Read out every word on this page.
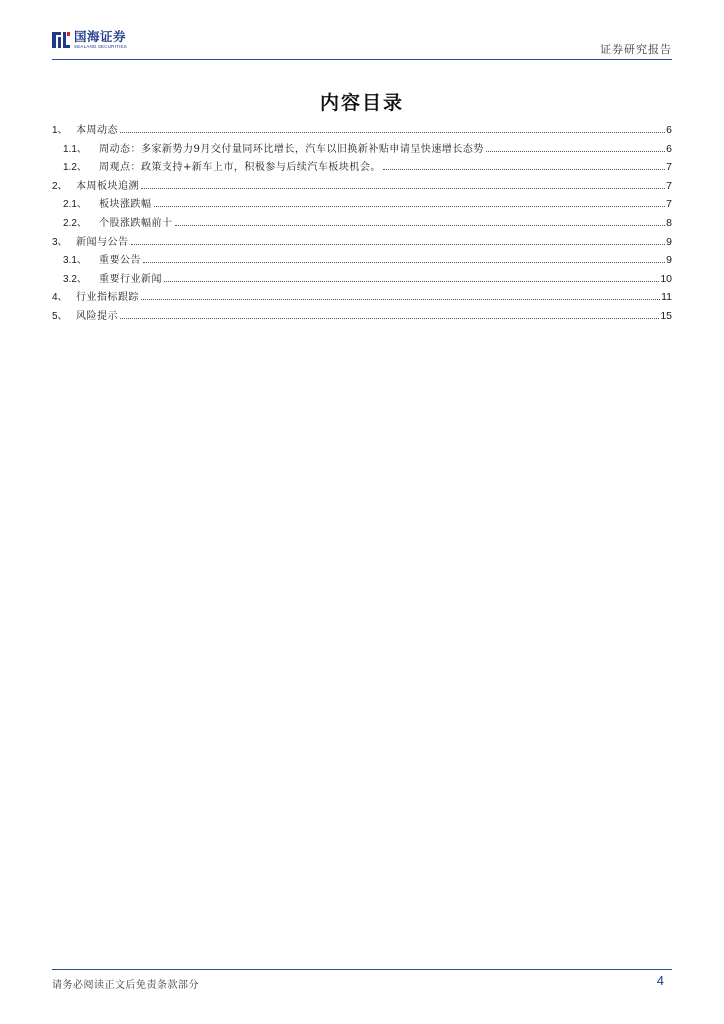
国海证券
SEALAND SECURITIES	证券研究报告
内容目录
1、 本周动态	6
1.1、	周动态：多家新势力9月交付量同环比增长，汽车以旧换新补贴申请呈快速增长态势	6
1.2、	周观点：政策支持+新车上市，积极参与后续汽车板块机会。	7
2、 本周板块追溯	7
2.1、	板块涨跌幅	7
2.2、	个股涨跌幅前十	8
3、 新闻与公告	9
3.1、	重要公告	9
3.2、	重要行业新闻	10
4、 行业指标跟踪	11
5、 风险提示	15
请务必阅读正文后免责条款部分	4
